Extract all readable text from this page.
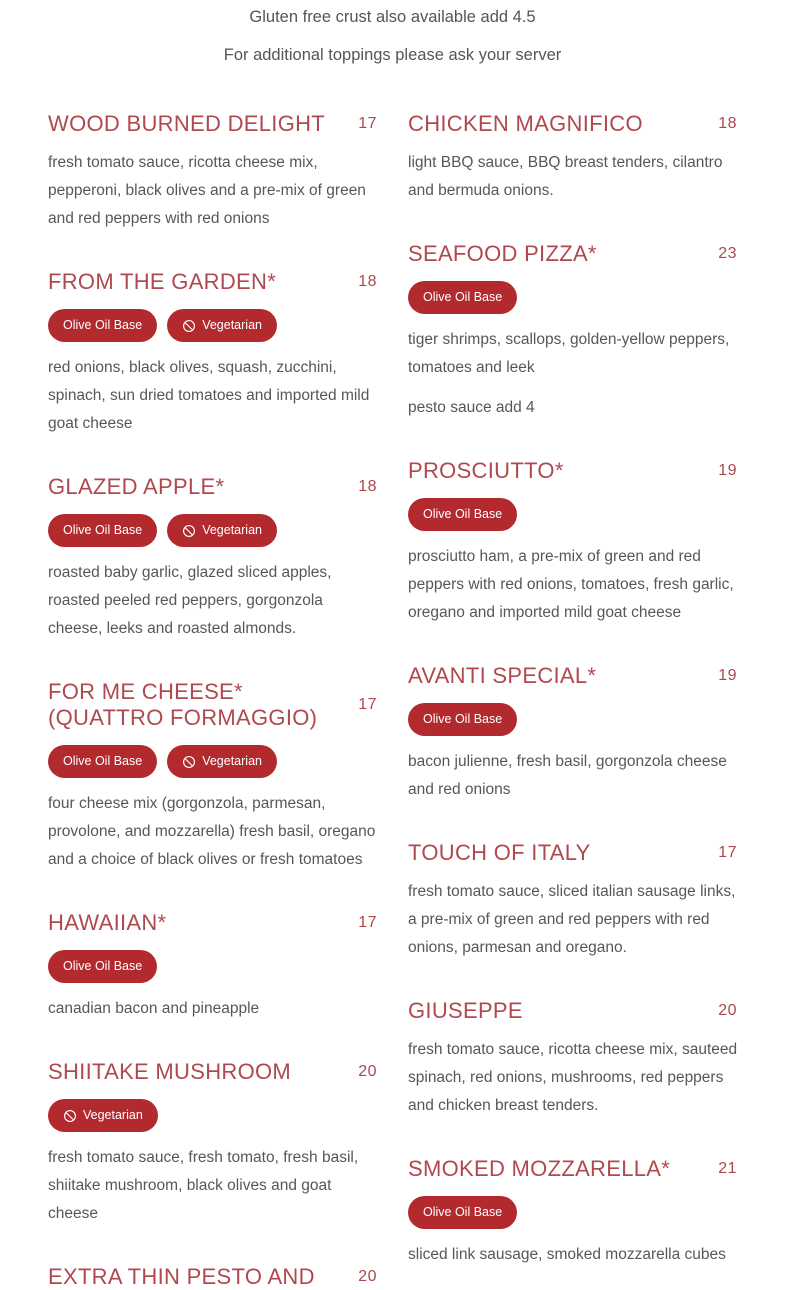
Gluten free crust also available add 4.5

For additional toppings please ask your server

WOOD BURNED DELIGHT 17

fresh tomato sauce, ricotta cheese mix, pepperoni, black olives and a pre-mix of green and red peppers with red onions

FROM THE GARDEN*	18
Olive Oil Base	Vegetarian

red onions, black olives, squash, zucchini, spinach, sun dried tomatoes and imported mild goat cheese

GLAZED APPLE*	18
Olive Oil Base	Vegetarian

roasted baby garlic, glazed sliced apples, roasted peeled red peppers, gorgonzola cheese, leeks and roasted almonds.

FOR ME CHEESE* (QUATTRO FORMAGGIO)
17
Olive Oil Base	Vegetarian

four cheese mix (gorgonzola, parmesan, provolone, and mozzarella) fresh basil, oregano and a choice of black olives or fresh tomatoes

HAWAIIAN*	17
Olive Oil Base

canadian bacon and pineapple

SHIITAKE MUSHROOM	20
Vegetarian

fresh tomato sauce, fresh tomato, fresh basil, shiitake mushroom, black olives and goat cheese

EXTRA THIN PESTO AND	20
CHICKEN MAGNIFICO	18

light BBQ sauce, BBQ breast tenders, cilantro and bermuda onions.

SEAFOOD PIZZA*	23
Olive Oil Base

tiger shrimps, scallops, golden-yellow peppers, tomatoes and leek

pesto sauce add 4

PROSCIUTTO*	19
Olive Oil Base

prosciutto ham, a pre-mix of green and red peppers with red onions, tomatoes, fresh garlic, oregano and imported mild goat cheese

AVANTI SPECIAL*	19
Olive Oil Base

bacon julienne, fresh basil, gorgonzola cheese and red onions

TOUCH OF ITALY	17

fresh tomato sauce, sliced italian sausage links, a pre-mix of green and red peppers with red onions, parmesan and oregano.

GIUSEPPE	20

fresh tomato sauce, ricotta cheese mix, sauteed spinach, red onions, mushrooms, red peppers and chicken breast tenders.

SMOKED MOZZARELLA*	21
Olive Oil Base

sliced link sausage, smoked mozzarella cubes
